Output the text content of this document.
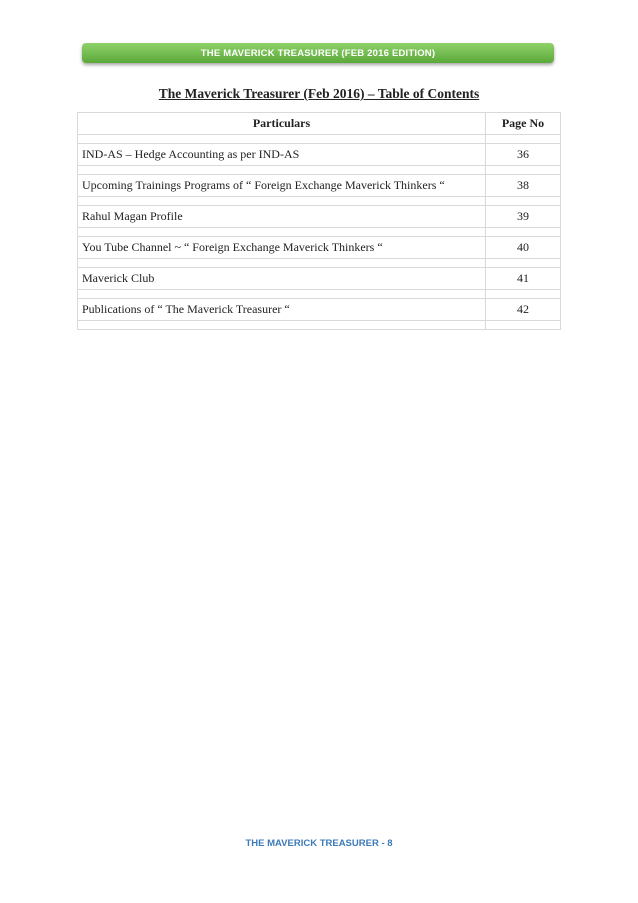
THE MAVERICK TREASURER (FEB 2016 EDITION)
The Maverick Treasurer (Feb 2016) – Table of Contents
Particulars	Page No

IND-AS – Hedge Accounting as per IND-AS	36

Upcoming Trainings Programs of “ Foreign Exchange Maverick Thinkers “	38

Rahul Magan Profile	39

You Tube Channel ~ “ Foreign Exchange Maverick Thinkers “	40

Maverick Club	41

Publications of “ The Maverick Treasurer “	42

THE MAVERICK TREASURER - 8
